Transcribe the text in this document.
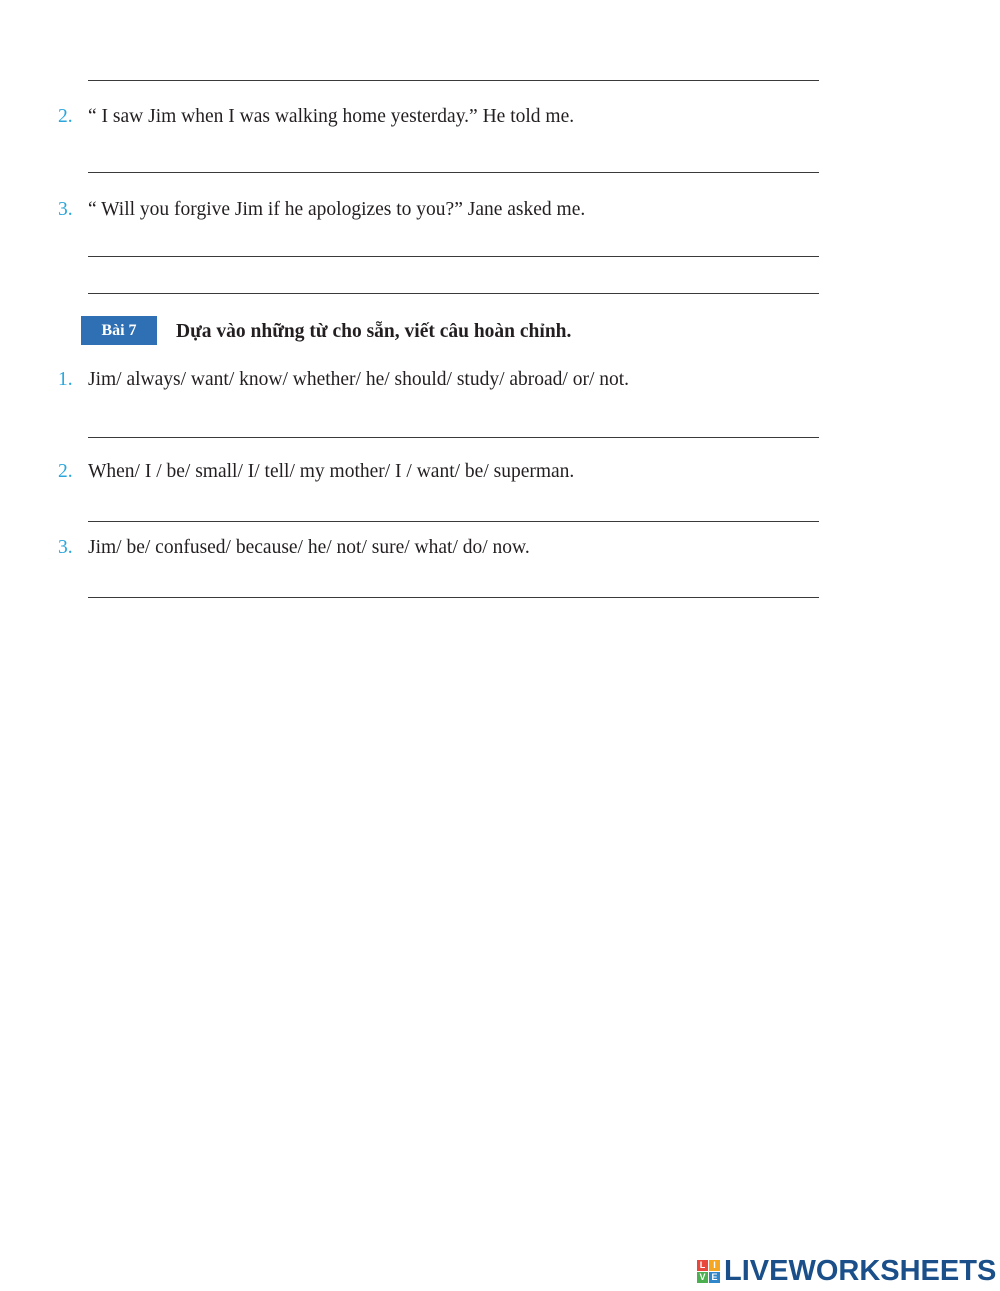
2. “ I saw Jim when I was walking home yesterday.” He told me.
3. “ Will you forgive Jim if he apologizes to you?” Jane asked me.
Bài 7	Dựa vào những từ cho sẵn, viết câu hoàn chỉnh.
1. Jim/ always/ want/ know/ whether/ he/ should/ study/ abroad/ or/ not.
2. When/ I / be/ small/ I/ tell/ my mother/ I / want/ be/ superman.
3. Jim/ be/ confused/ because/ he/ not/ sure/ what/ do/ now.
L I
V E LIVEWORKSHEETS
